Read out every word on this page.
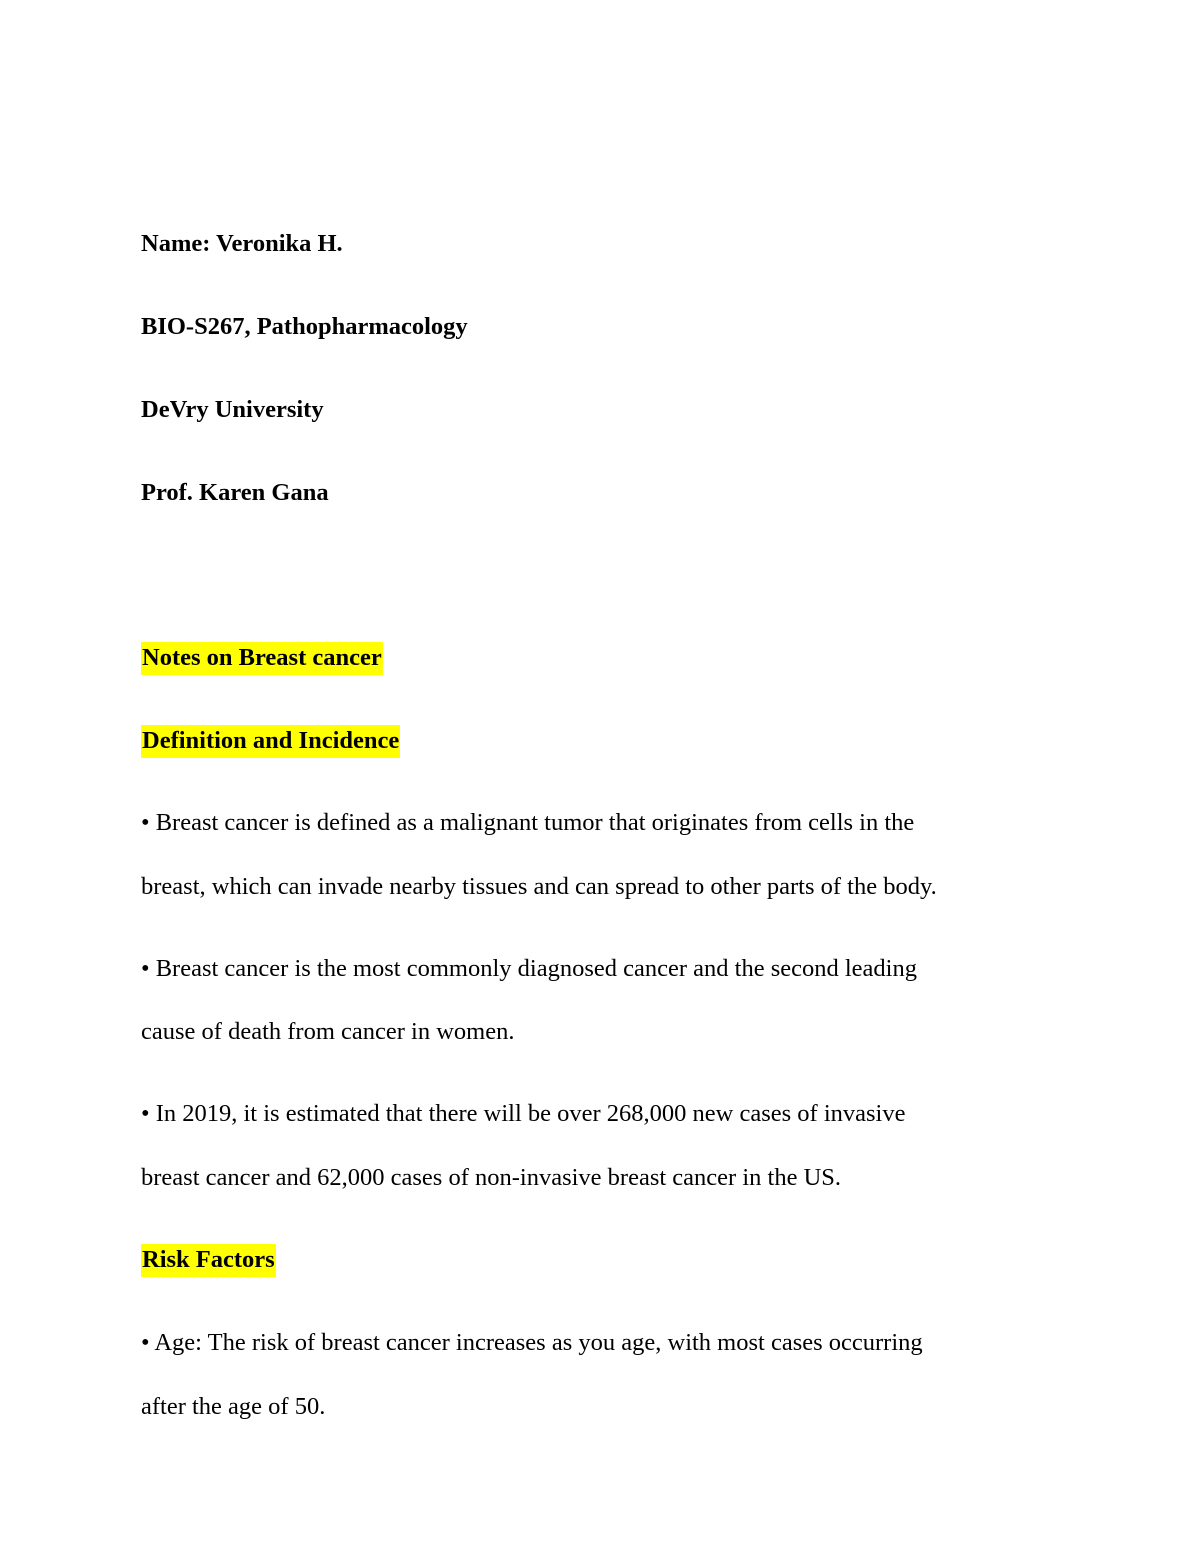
Name: Veronika H.

BIO-S267, Pathopharmacology

DeVry University

Prof. Karen Gana

Notes on Breast cancer

Definition and Incidence

• Breast cancer is defined as a malignant tumor that originates from cells in the

breast, which can invade nearby tissues and can spread to other parts of the body.

• Breast cancer is the most commonly diagnosed cancer and the second leading

cause of death from cancer in women.

• In 2019, it is estimated that there will be over 268,000 new cases of invasive

breast cancer and 62,000 cases of non-invasive breast cancer in the US.

Risk Factors

• Age: The risk of breast cancer increases as you age, with most cases occurring

after the age of 50.
